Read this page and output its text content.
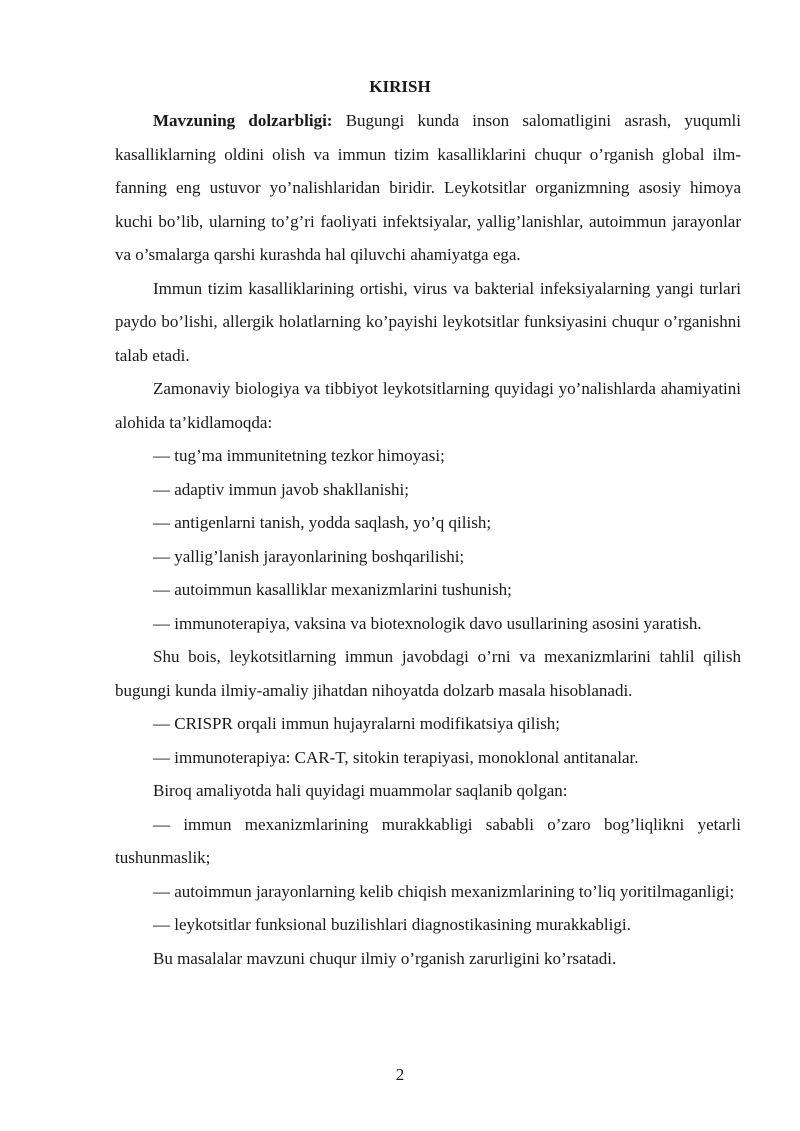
KIRISH

Mavzuning dolzarbligi: Bugungi kunda inson salomatligini asrash, yuqumli kasalliklarning oldini olish va immun tizim kasalliklarini chuqur o’rganish global ilm-fanning eng ustuvor yo’nalishlaridan biridir. Leykotsitlar organizmning asosiy himoya kuchi bo’lib, ularning to’g’ri faoliyati infektsiyalar, yallig’lanishlar, autoimmun jarayonlar va o’smalarga qarshi kurashda hal qiluvchi ahamiyatga ega.

Immun tizim kasalliklarining ortishi, virus va bakterial infeksiyalarning yangi turlari paydo bo’lishi, allergik holatlarning ko’payishi leykotsitlar funksiyasini chuqur o’rganishni talab etadi.

Zamonaviy biologiya va tibbiyot leykotsitlarning quyidagi yo’nalishlarda ahamiyatini alohida ta’kidlamoqda:

— tug’ma immunitetning tezkor himoyasi;

— adaptiv immun javob shakllanishi;

— antigenlarni tanish, yodda saqlash, yo’q qilish;

— yallig’lanish jarayonlarining boshqarilishi;

— autoimmun kasalliklar mexanizmlarini tushunish;

— immunoterapiya, vaksina va biotexnologik davo usullarining asosini yaratish.

Shu bois, leykotsitlarning immun javobdagi o’rni va mexanizmlarini tahlil qilish bugungi kunda ilmiy-amaliy jihatdan nihoyatda dolzarb masala hisoblanadi.

— CRISPR orqali immun hujayralarni modifikatsiya qilish;

— immunoterapiya: CAR-T, sitokin terapiyasi, monoklonal antitanalar.

Biroq amaliyotda hali quyidagi muammolar saqlanib qolgan:

— immun mexanizmlarining murakkabligi sababli o’zaro bog’liqlikni yetarli tushunmaslik;

— autoimmun jarayonlarning kelib chiqish mexanizmlarining to’liq yoritilmaganligi;

— leykotsitlar funksional buzilishlari diagnostikasining murakkabligi.

Bu masalalar mavzuni chuqur ilmiy o’rganish zarurligini ko’rsatadi.

2
